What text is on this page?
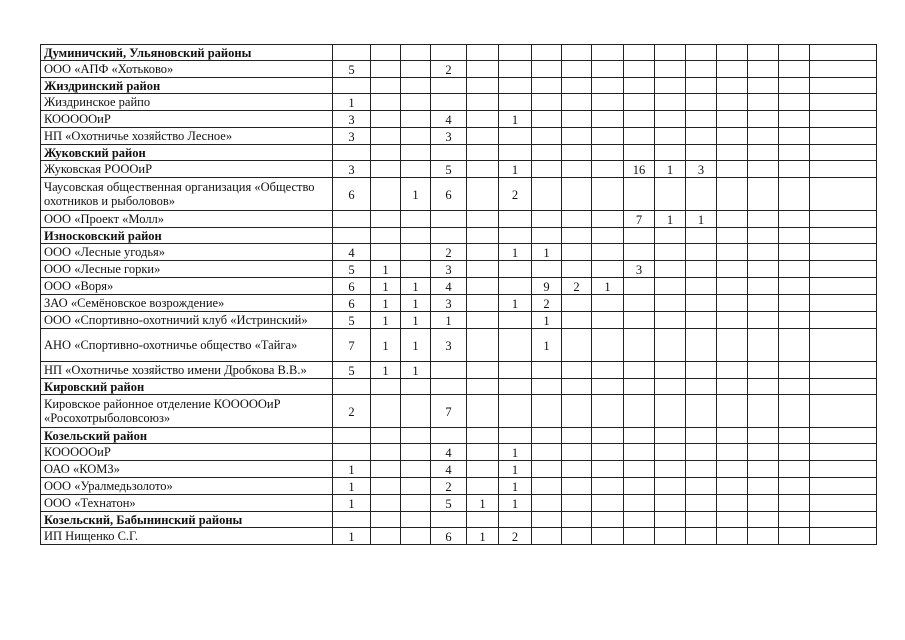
Думиничский, Ульяновский районы																
ООО «АПФ «Хотьково»	5			2												
Жиздринский район																
Жиздринское райпо	1															
КОООООиР	3			4		1										
НП «Охотничье хозяйство Лесное»	3			3												
Жуковский район																
Жуковская РОООиР	3			5		1				16	1	3				
Чаусовская общественная организация «Общество охотников и рыболовов»	6		1	6		2										
ООО «Проект «Молл»										7	1	1				
Износковский район																
ООО «Лесные угодья»	4			2		1	1									
ООО «Лесные горки»	5	1		3						3						
ООО «Воря»	6	1	1	4			9	2	1							
ЗАО «Семёновское возрождение»	6	1	1	3		1	2									
ООО «Спортивно-охотничий клуб «Истринский»	5	1	1	1			1									
АНО «Спортивно-охотничье общество «Тайга»	7	1	1	3			1									
НП «Охотничье хозяйство имени Дробкова В.В.»	5	1	1													
Кировский район																
Кировское районное отделение КОООООиР «Росохотрыболовсоюз»	2			7												
Козельский район																
КОООООиР				4		1										
ОАО «КОМЗ»	1			4		1										
ООО «Уралмедьзолото»	1			2		1										
ООО «Технатон»	1			5	1	1										
Козельский, Бабынинский районы																
ИП Нищенко С.Г.	1			6	1	2										
